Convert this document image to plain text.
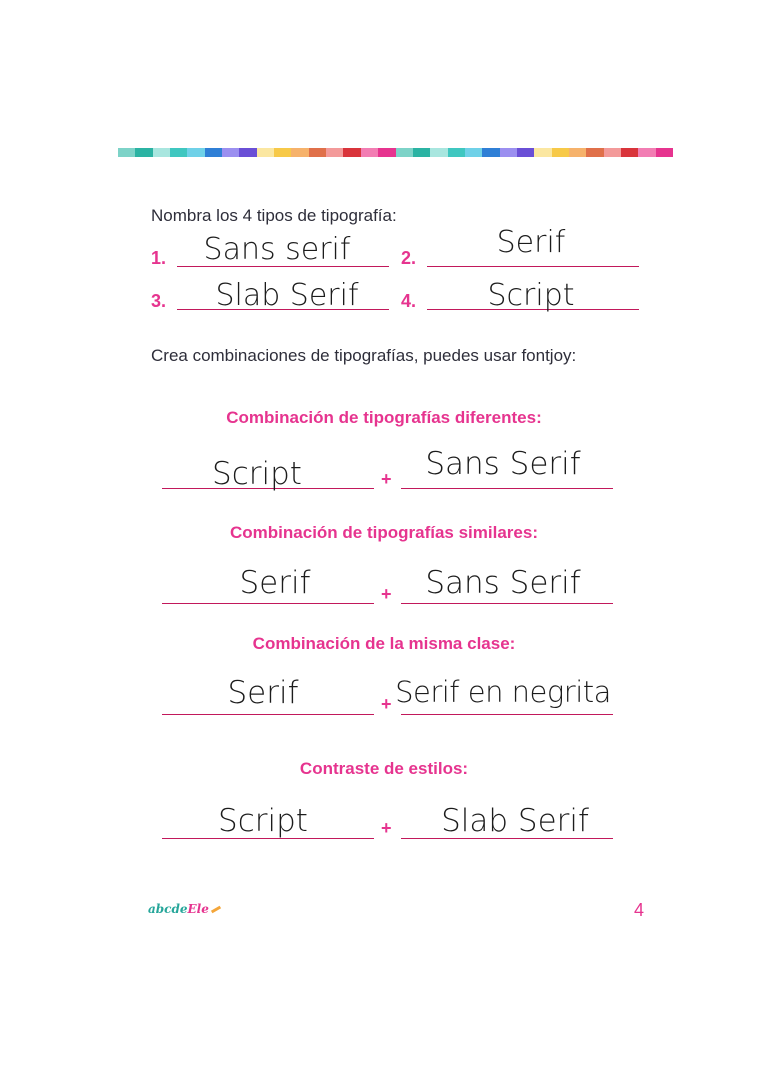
Nombra los 4 tipos de tipografía:
1.	Sans serif	2.	Serif
3.	Slab Serif	4.	Script
Crea combinaciones de tipografías, puedes usar fontjoy:
Combinación de tipografías diferentes:
Script	+	Sans Serif
Combinación de tipografías similares:
Serif	+	Sans Serif
Combinación de la misma clase:
Serif	+ Serif en negrita
Contraste de estilos:
Script	+	Slab Serif
abcdeEle	4
